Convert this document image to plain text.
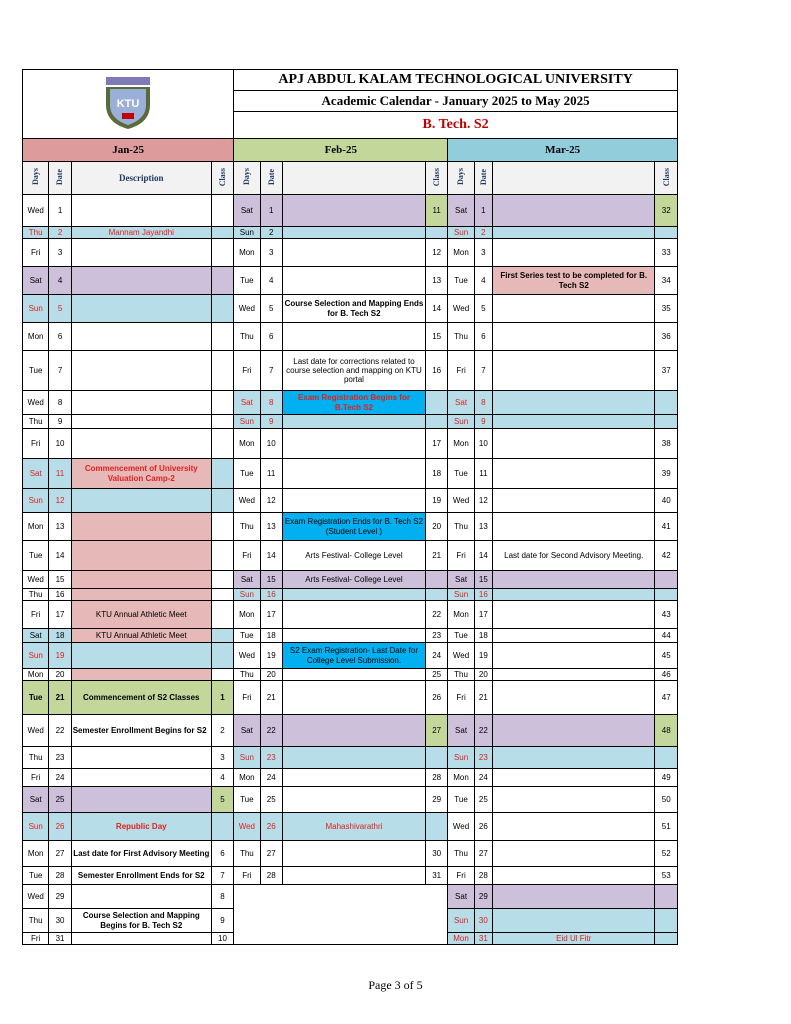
KTU				APJ ABDUL KALAM TECHNOLOGICAL UNIVERSITY							
				Academic Calendar - January 2025 to May 2025							
				B. Tech. S2							
Jan-25				Feb-25				Mar-25			
Days	Date	Description	Class	Days	Date		Class	Days	Date		Class
Wed	1			Sat	1		11	Sat	1		32
Thu	2	Mannam Jayandhi		Sun	2			Sun	2		
Fri	3			Mon	3		12	Mon	3		33
Sat	4			Tue	4		13	Tue	4	First Series test to be completed for B. Tech S2	34
Sun	5			Wed	5	Course Selection and Mapping Ends for B. Tech S2	14	Wed	5		35
Mon	6			Thu	6		15	Thu	6		36
Tue	7			Fri	7	Last date for corrections related to course selection and mapping on KTU portal	16	Fri	7		37
Wed	8			Sat	8	Exam Registration Begins for B.Tech S2		Sat	8		
Thu	9			Sun	9			Sun	9		
Fri	10			Mon	10		17	Mon	10		38
Sat	11	Commencement of University Valuation Camp-2		Tue	11		18	Tue	11		39
Sun	12			Wed	12		19	Wed	12		40
Mon	13			Thu	13	Exam Registration Ends for B. Tech S2 (Student Level )	20	Thu	13		41
Tue	14			Fri	14	Arts Festival- College Level	21	Fri	14	Last date for Second Advisory Meeting.	42
Wed	15			Sat	15	Arts Festival- College Level		Sat	15		
Thu	16			Sun	16			Sun	16		
Fri	17	KTU Annual Athletic Meet		Mon	17		22	Mon	17		43
Sat	18	KTU Annual Athletic Meet		Tue	18		23	Tue	18		44
Sun	19			Wed	19	S2 Exam Registration- Last Date for College Level Submission.	24	Wed	19		45
Mon	20			Thu	20		25	Thu	20		46
Tue	21	Commencement of S2 Classes	1	Fri	21		26	Fri	21		47
Wed	22	Semester Enrollment Begins for S2	2	Sat	22		27	Sat	22		48
Thu	23		3	Sun	23			Sun	23		
Fri	24		4	Mon	24		28	Mon	24		49
Sat	25		5	Tue	25		29	Tue	25		50
Sun	26	Republic Day		Wed	26	Mahashivarathri		Wed	26		51
Mon	27	Last date for First Advisory Meeting	6	Thu	27		30	Thu	27		52
Tue	28	Semester Enrollment Ends for S2	7	Fri	28		31	Fri	28		53
Wed	29		8					Sat	29		
Thu	30	Course Selection and Mapping Begins for B. Tech S2	9					Sun	30		
Fri	31		10					Mon	31	Eid Ul Fitr	
Page 3 of 5
